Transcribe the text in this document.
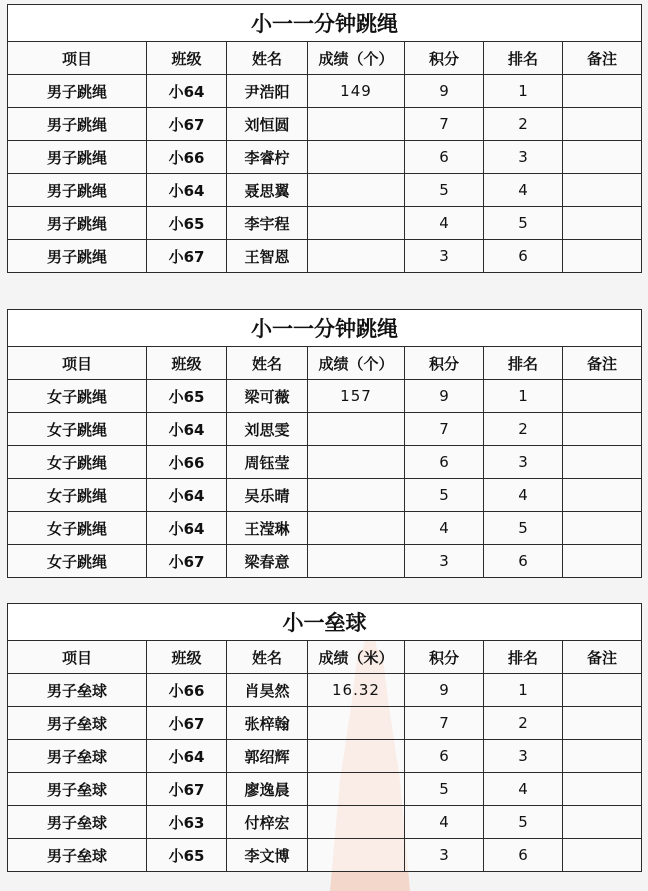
小一一分钟跳绳						
项目	班级	姓名	成绩（个）	积分	排名	备注
男子跳绳	小64	尹浩阳	149	9	1	
男子跳绳	小67	刘恒圆		7	2	
男子跳绳	小66	李睿柠		6	3	
男子跳绳	小64	聂思翼		5	4	
男子跳绳	小65	李宇程		4	5	
男子跳绳	小67	王智恩		3	6	
小一一分钟跳绳						
项目	班级	姓名	成绩（个）	积分	排名	备注
女子跳绳	小65	梁可薇	157	9	1	
女子跳绳	小64	刘思雯		7	2	
女子跳绳	小66	周钰莹		6	3	
女子跳绳	小64	吴乐晴		5	4	
女子跳绳	小64	王滢琳		4	5	
女子跳绳	小67	梁春意		3	6	
小一垒球						
项目	班级	姓名	成绩（米）	积分	排名	备注
男子垒球	小66	肖昊然	16.32	9	1	
男子垒球	小67	张梓翰		7	2	
男子垒球	小64	郭绍辉		6	3	
男子垒球	小67	廖逸晨		5	4	
男子垒球	小63	付梓宏		4	5	
男子垒球	小65	李文博		3	6	
